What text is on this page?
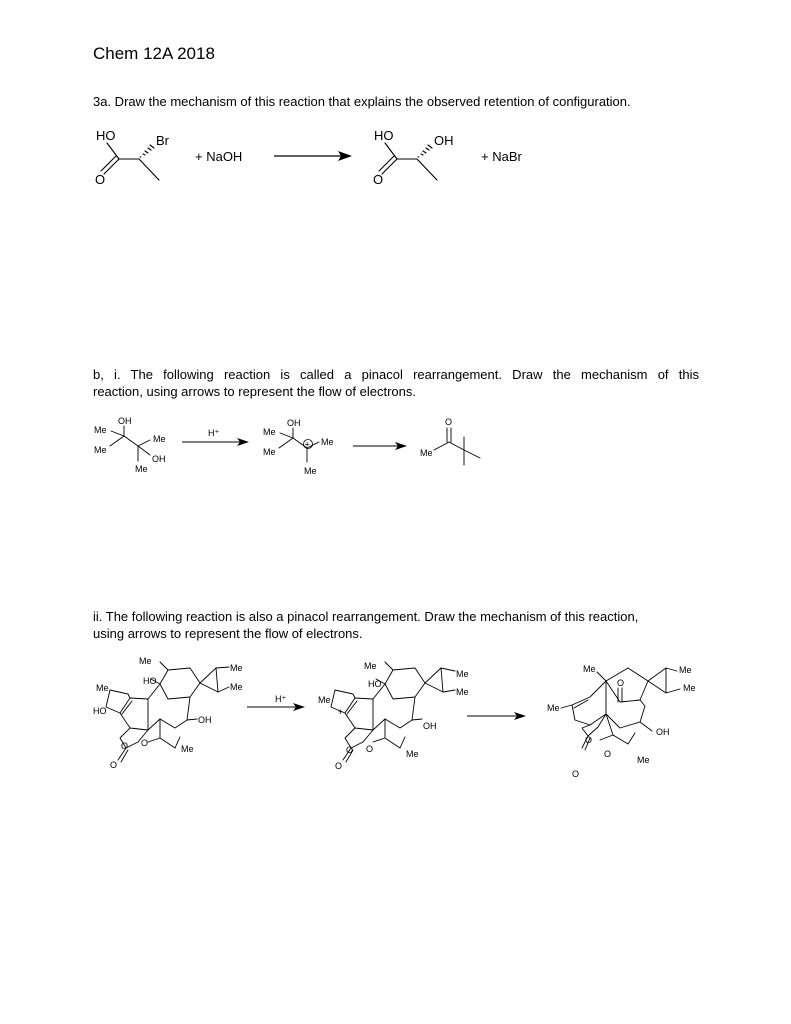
Chem 12A 2018
3a. Draw the mechanism of this reaction that explains the observed retention of configuration.
HO	Br
O
+ NaOH
HO	OH
O
+ NaBr
b, i. The following reaction is called a pinacol rearrangement. Draw the mechanism of this
reaction, using arrows to represent the flow of electrons.
OH
Me
Me
Me
OH
Me
H⁺
OH
Me
Me
Me
Me
+
O
Me
ii. The following reaction is also a pinacol rearrangement. Draw the mechanism of this reaction,
using arrows to represent the flow of electrons.
Me
Me
Me
HO
Me
HO
OH
Me
O O
O
H⁺
Me
Me
Me
HO
Me
+
OH
Me
O O
O
Me	Me
Me
O
Me
OH
Me
O
O
O
